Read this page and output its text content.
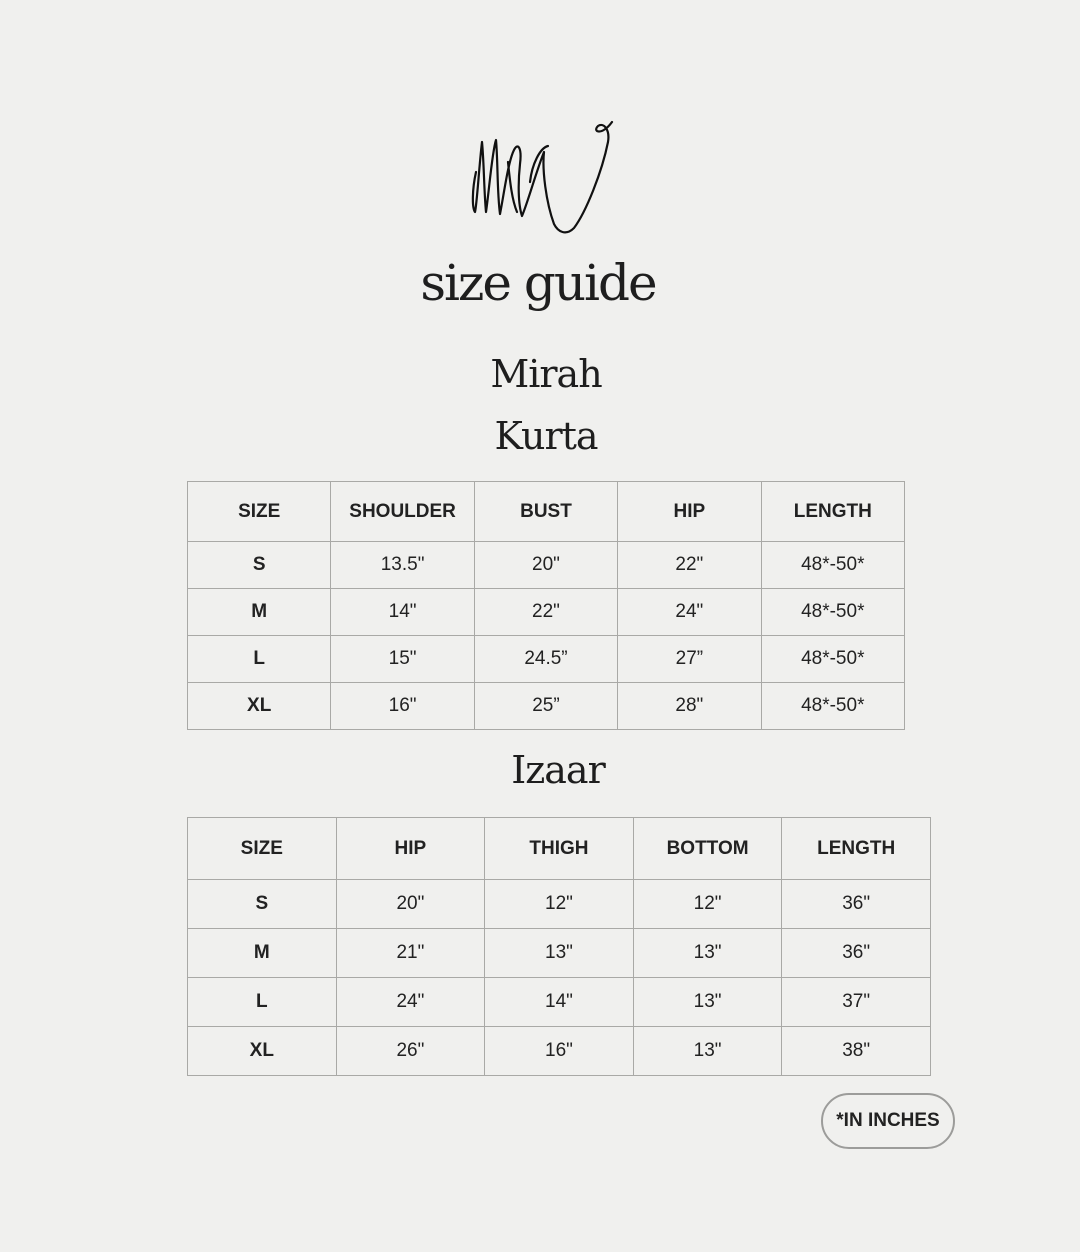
size guide
Mirah
Kurta
SIZE	SHOULDER	BUST	HIP	LENGTH
S	13.5"	20"	22"	48*-50*
M	14"	22"	24"	48*-50*
L	15"	24.5”	27”	48*-50*
XL	16"	25”	28"	48*-50*
Izaar
SIZE	HIP	THIGH	BOTTOM	LENGTH
S	20"	12"	12"	36"
M	21"	13"	13"	36"
L	24"	14"	13"	37"
XL	26"	16"	13"	38"
*IN INCHES
